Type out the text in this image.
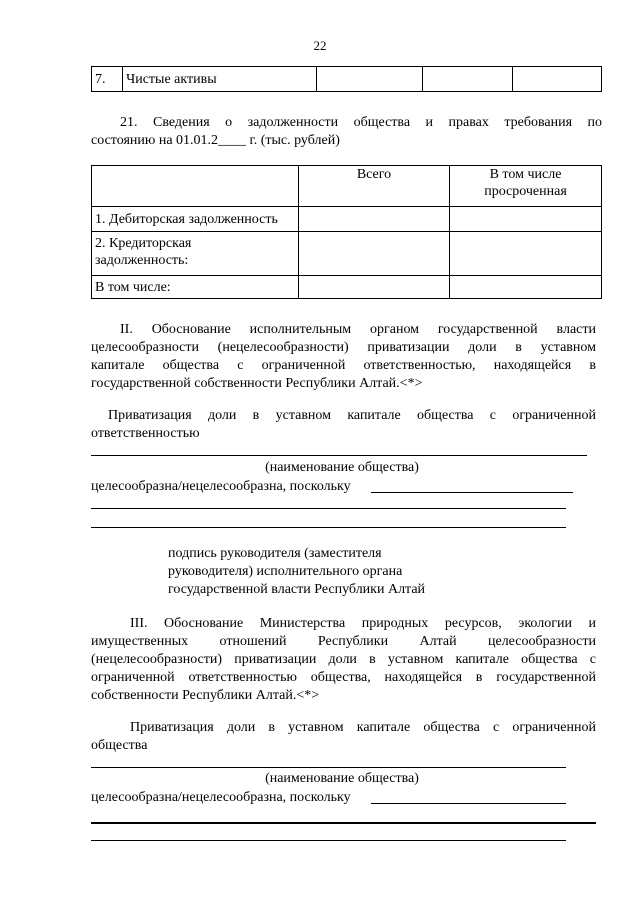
22
7.	Чистые активы			
21. Сведения о задолженности общества и правах требования по
состоянию на 01.01.2____ г. (тыс. рублей)
	Всего	В том числе
просроченная
1. Дебиторская задолженность		
2. Кредиторская
задолженность:		
В том числе:		
II. Обоснование исполнительным органом государственной власти
целесообразности (нецелесообразности) приватизации доли в уставном
капитале общества с ограниченной ответственностью, находящейся в
государственной собственности Республики Алтай.<*>
Приватизация доли в уставном капитале общества с ограниченной
ответственностью
(наименование общества)
целесообразна/нецелесообразна, поскольку
подпись руководителя (заместителя
руководителя) исполнительного органа
государственной власти Республики Алтай
III. Обоснование Министерства природных ресурсов, экологии и
имущественных отношений Республики Алтай целесообразности
(нецелесообразности) приватизации доли в уставном капитале общества с
ограниченной ответственностью общества, находящейся в государственной
собственности Республики Алтай.<*>
Приватизация доли в уставном капитале общества с ограниченной
общества
(наименование общества)
целесообразна/нецелесообразна, поскольку
